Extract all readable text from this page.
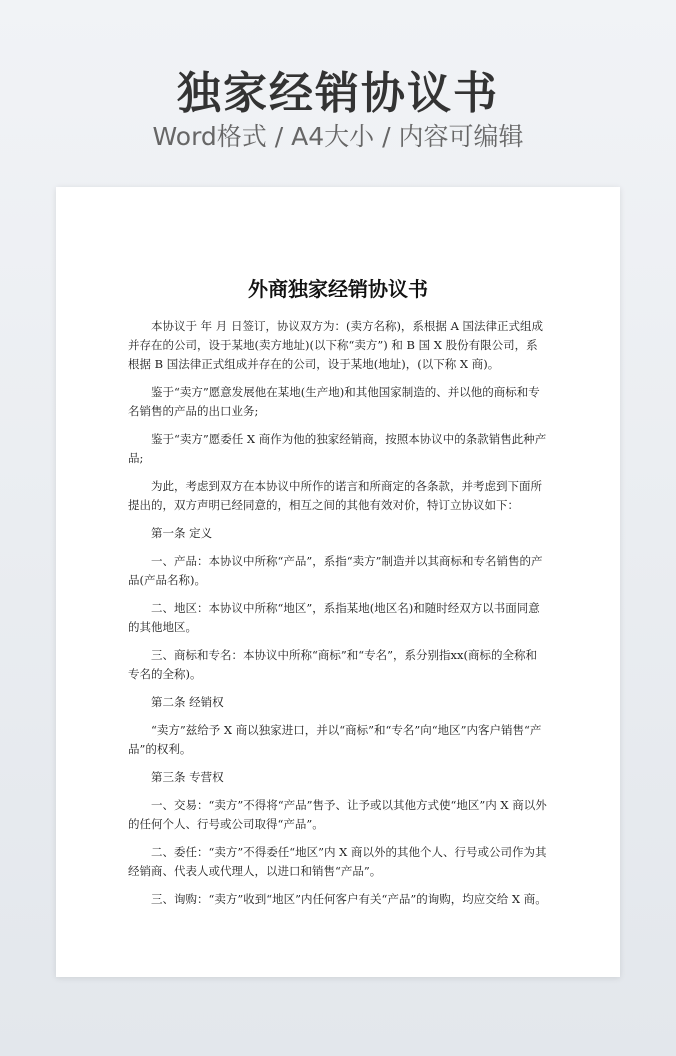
独家经销协议书
Word格式 / A4大小 / 内容可编辑
外商独家经销协议书

本协议于 年 月 日签订，协议双方为：(卖方名称)，系根据 A 国法律正式组成并存在的公司，设于某地(卖方地址)(以下称“卖方”) 和 B 国 X 股份有限公司，系根据 B 国法律正式组成并存在的公司，设于某地(地址)，(以下称 X 商)。

鉴于“卖方”愿意发展他在某地(生产地)和其他国家制造的、并以他的商标和专名销售的产品的出口业务;

鉴于“卖方”愿委任 X 商作为他的独家经销商，按照本协议中的条款销售此种产品;

为此，考虑到双方在本协议中所作的诺言和所商定的各条款，并考虑到下面所提出的，双方声明已经同意的，相互之间的其他有效对价，特订立协议如下：

第一条 定义

一、产品：本协议中所称“产品”，系指“卖方”制造并以其商标和专名销售的产品(产品名称)。

二、地区：本协议中所称“地区”，系指某地(地区名)和随时经双方以书面同意的其他地区。

三、商标和专名：本协议中所称“商标”和“专名”，系分别指xx(商标的全称和专名的全称)。

第二条 经销权

“卖方”兹给予 X 商以独家进口，并以“商标”和“专名”向“地区”内客户销售“产品”的权利。

第三条 专营权

一、交易：“卖方”不得将“产品”售予、让予或以其他方式使“地区”内 X 商以外的任何个人、行号或公司取得“产品”。

二、委任：“卖方”不得委任“地区”内 X 商以外的其他个人、行号或公司作为其经销商、代表人或代理人，以进口和销售“产品”。

三、询购：“卖方”收到“地区”内任何客户有关“产品”的询购，均应交给 X 商。
